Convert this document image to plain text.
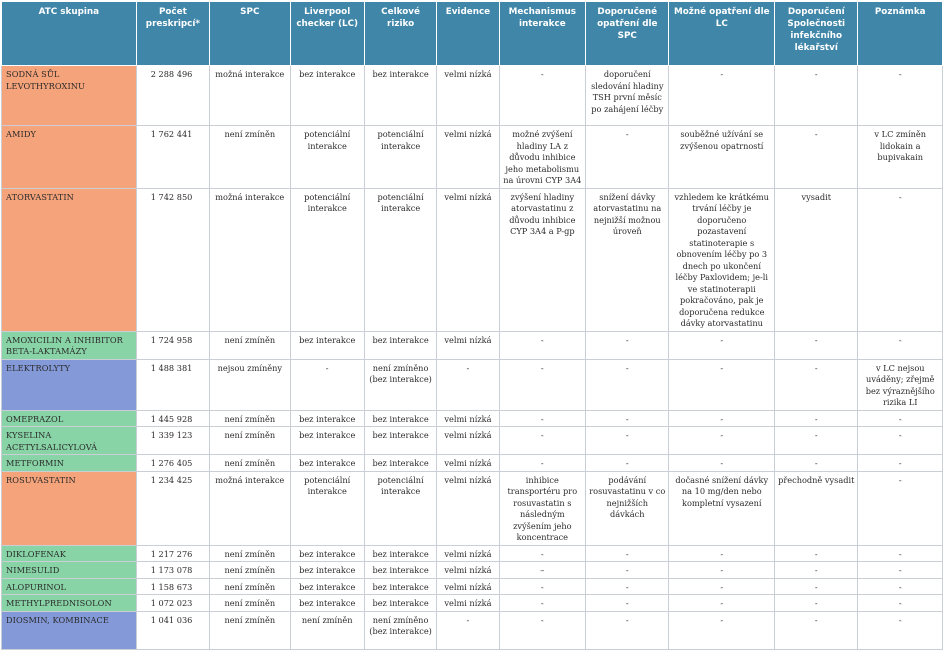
ATC skupina	Počet preskripcí*	SPC	Liverpool checker (LC)	Celkové riziko	Evidence	Mechanismus interakce	Doporučené opatření dle SPC	Možné opatření dle LC	Doporučení Společnosti infekčního lékařství	Poznámka
SODNÁ SŮL LEVOTHYROXINU	2 288 496	možná interakce	bez interakce	bez interakce	velmi nízká	-	doporučení sledování hladiny TSH první měsíc po zahájení léčby	-	-	-
AMIDY	1 762 441	není zmíněn	potenciální interakce	potenciální interakce	velmi nízká	možné zvýšení hladiny LA z důvodu inhibice jeho metabolismu na úrovni CYP 3A4	-	souběžné užívání se zvýšenou opatrností	-	v LC zmíněn lidokain a bupivakain
ATORVASTATIN	1 742 850	možná interakce	potenciální interakce	potenciální interakce	velmi nízká	zvýšení hladiny atorvastatinu z důvodu inhibice CYP 3A4 a P-gp	snížení dávky atorvastatinu na nejnižší možnou úroveň	vzhledem ke krátkému trvání léčby je doporučeno pozastavení statinoterapie s obnovením léčby po 3 dnech po ukončení léčby Paxlovidem; je-li ve statinoterapii pokračováno, pak je doporučena redukce dávky atorvastatinu	vysadit	-
AMOXICILIN A INHIBITOR BETA-LAKTAMÁZY	1 724 958	není zmíněn	bez interakce	bez interakce	velmi nízká	-	-	-	-	-
ELEKTROLYTY	1 488 381	nejsou zmíněny	-	není zmíněno (bez interakce)	-	-	-	-	-	v LC nejsou uváděny; zřejmě bez výraznějšího rizika LI
OMEPRAZOL	1 445 928	není zmíněn	bez interakce	bez interakce	velmi nízká	-	-	-	-	-
KYSELINA ACETYLSALICYLOVÁ	1 339 123	není zmíněn	bez interakce	bez interakce	velmi nízká	-	-	-	-	-
METFORMIN	1 276 405	není zmíněn	bez interakce	bez interakce	velmi nízká	-	-	-	-	-
ROSUVASTATIN	1 234 425	možná interakce	potenciální interakce	potenciální interakce	velmi nízká	inhibice transportéru pro rosuvastatin s následným zvýšením jeho koncentrace	podávání rosuvastatinu v co nejnižších dávkách	dočasné snížení dávky na 10 mg/den nebo kompletní vysazení	přechodně vysadit	-
DIKLOFENAK	1 217 276	není zmíněn	bez interakce	bez interakce	velmi nízká	-	-	-	-	-
NIMESULID	1 173 078	není zmíněn	bez interakce	bez interakce	velmi nízká	–	-	-	-	-
ALOPURINOL	1 158 673	není zmíněn	bez interakce	bez interakce	velmi nízká	-	-	-	-	-
METHYLPREDNISOLON	1 072 023	není zmíněn	bez interakce	bez interakce	velmi nízká	-	-	-	-	-
DIOSMIN, KOMBINACE	1 041 036	není zmíněn	není zmíněn	není zmíněno (bez interakce)	-	-	-	-	-	-
